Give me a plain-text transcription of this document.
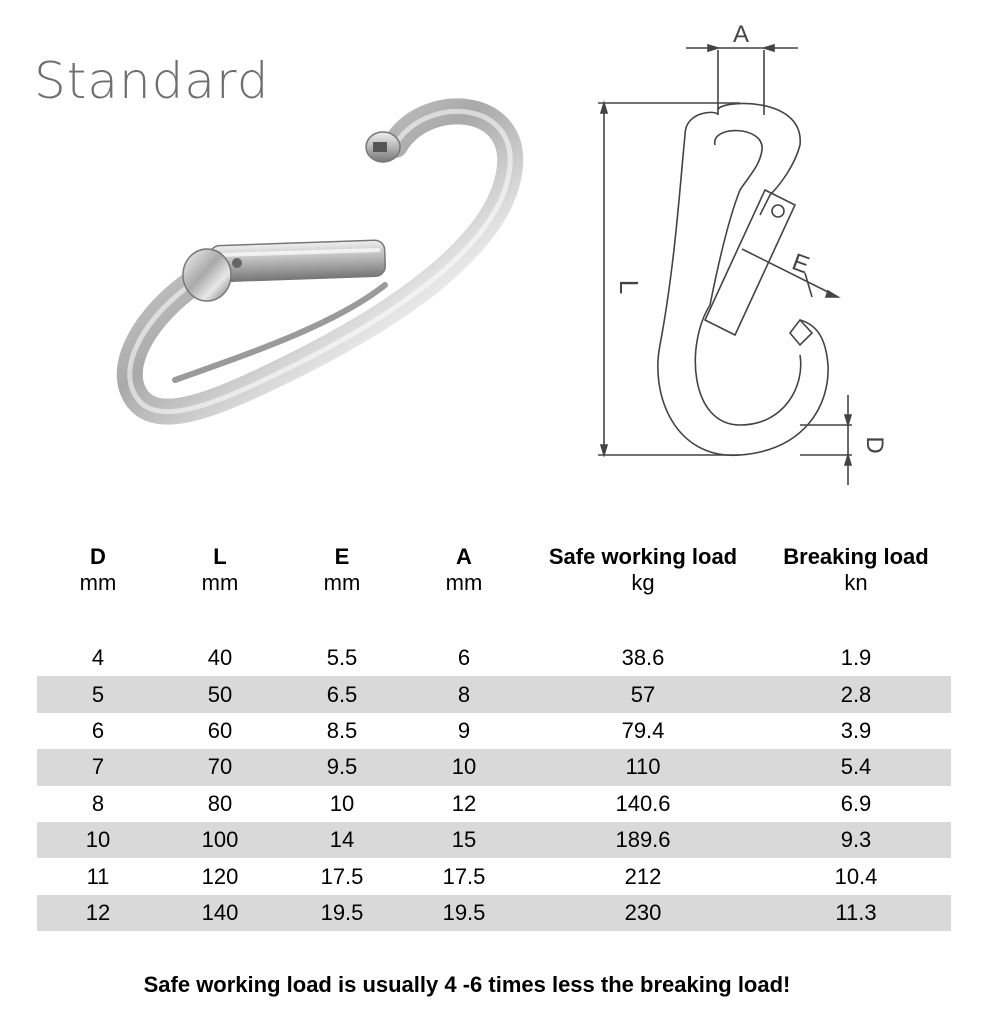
Standard
A
L
E
D
D	L	E	A	Safe working load	Breaking load
mm	mm	mm	mm	kg	kn

4	40	5.5	6	38.6	1.9
5	50	6.5	8	57	2.8
6	60	8.5	9	79.4	3.9
7	70	9.5	10	110	5.4
8	80	10	12	140.6	6.9
10	100	14	15	189.6	9.3
11	120	17.5	17.5	212	10.4
12	140	19.5	19.5	230	11.3
Safe working load is usually 4 -6 times less the breaking load!
